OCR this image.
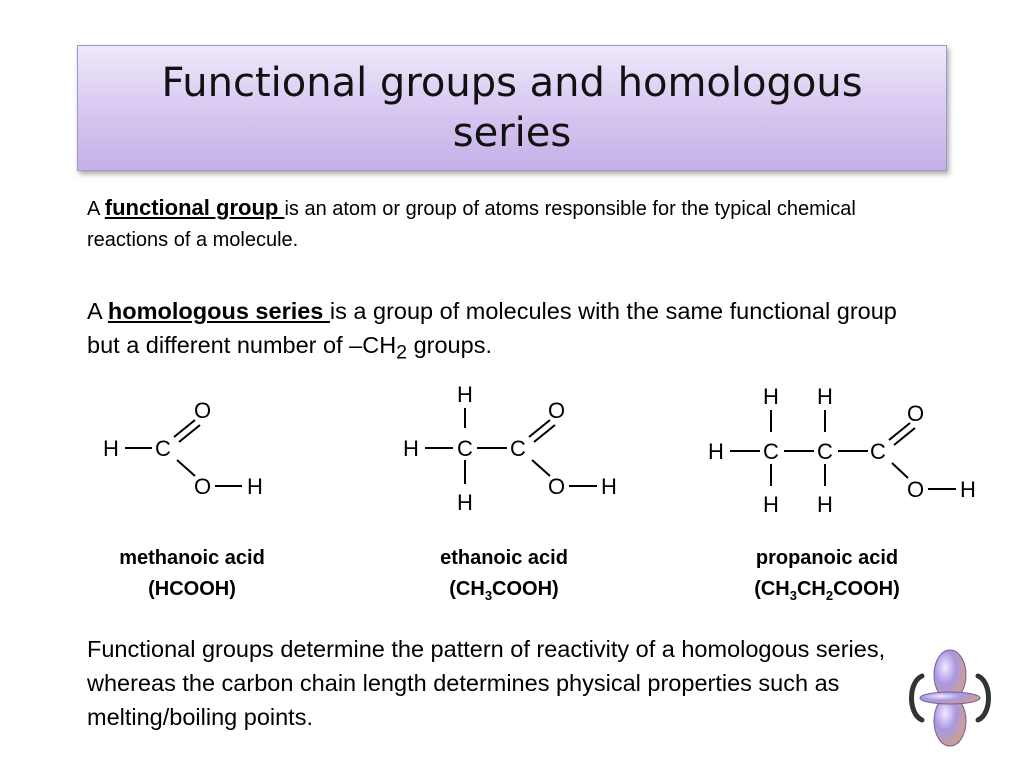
Functional groups and homologous series

A functional group is an atom or group of atoms responsible for the typical chemical reactions of a molecule.

A homologous series is a group of molecules with the same functional group but a different number of $-CH_2$ groups.

H C
O
O H
H
H C
H
C
O
O H
H H
H C C C
H H
O
O H
methanoic acid
(HCOOH)
ethanoic acid
$(CH_3COOH)$
propanoic acid
$(CH_3CH_2COOH)$

Functional groups determine the pattern of reactivity of a homologous series, whereas the carbon chain length determines physical properties such as melting/boiling points.
